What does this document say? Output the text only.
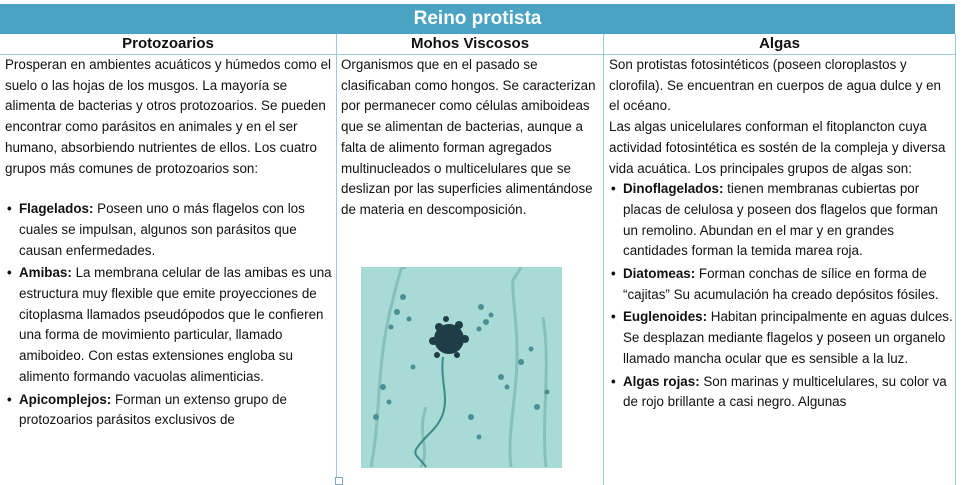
Reino protista
Protozoarios	Mohos Viscosos	Algas

Prosperan en ambientes acuáticos y húmedos como el suelo o las hojas de los musgos. La mayoría se alimenta de bacterias y otros protozoarios. Se pueden encontrar como parásitos en animales y en el ser humano, absorbiendo nutrientes de ellos. Los cuatro grupos más comunes de protozoarios son:

• Flagelados: Poseen uno o más flagelos con los cuales se impulsan, algunos son parásitos que causan enfermedades.
• Amibas: La membrana celular de las amibas es una estructura muy flexible que emite proyecciones de citoplasma llamados pseudópodos que le confieren una forma de movimiento particular, llamado amiboideo. Con estas extensiones engloba su alimento formando vacuolas alimenticias.
• Apicomplejos: Forman un extenso grupo de protozoarios parásitos exclusivos de

Organismos que en el pasado se clasificaban como hongos. Se caracterizan por permanecer como células amiboideas que se alimentan de bacterias, aunque a falta de alimento forman agregados multinucleados o multicelulares que se deslizan por las superficies alimentándose de materia en descomposición.

Son protistas fotosintéticos (poseen cloroplastos y clorofila). Se encuentran en cuerpos de agua dulce y en el océano.

Las algas unicelulares conforman el fitoplancton cuya actividad fotosintética es sostén de la compleja y diversa vida acuática. Los principales grupos de algas son:

• Dinoflagelados: tienen membranas cubiertas por placas de celulosa y poseen dos flagelos que forman un remolino. Abundan en el mar y en grandes cantidades forman la temida marea roja.
• Diatomeas: Forman conchas de sílice en forma de “cajitas” Su acumulación ha creado depósitos fósiles.
• Euglenoides: Habitan principalmente en aguas dulces. Se desplazan mediante flagelos y poseen un organelo llamado mancha ocular que es sensible a la luz.
• Algas rojas: Son marinas y multicelulares, su color va de rojo brillante a casi negro. Algunas
